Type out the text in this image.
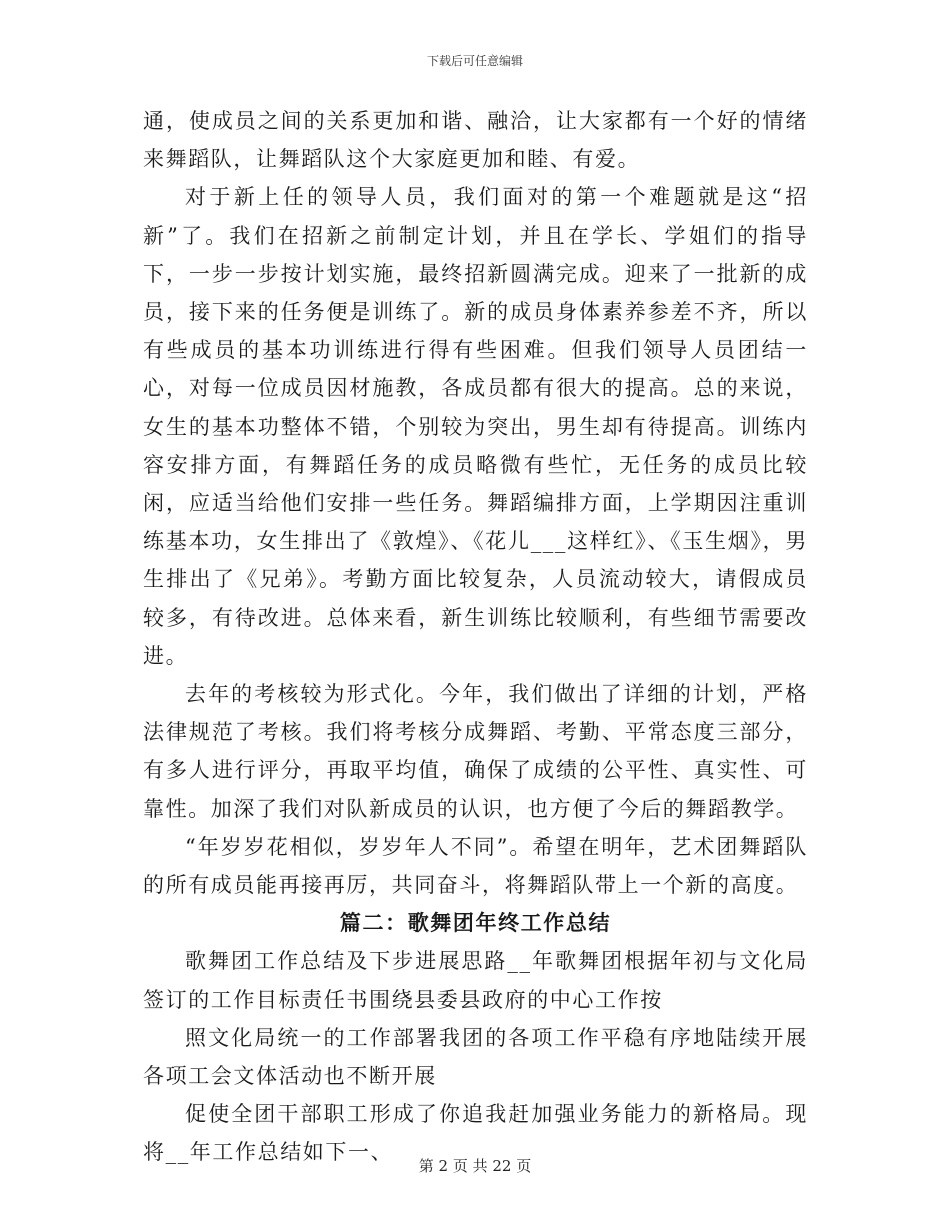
下载后可任意编辑

通，使成员之间的关系更加和谐、融洽，让大家都有一个好的情绪来舞蹈队，让舞蹈队这个大家庭更加和睦、有爱。

对于新上任的领导人员，我们面对的第一个难题就是这“招新”了。我们在招新之前制定计划，并且在学长、学姐们的指导下，一步一步按计划实施，最终招新圆满完成。迎来了一批新的成员，接下来的任务便是训练了。新的成员身体素养参差不齐，所以有些成员的基本功训练进行得有些困难。但我们领导人员团结一心，对每一位成员因材施教，各成员都有很大的提高。总的来说，女生的基本功整体不错，个别较为突出，男生却有待提高。训练内容安排方面，有舞蹈任务的成员略微有些忙，无任务的成员比较闲，应适当给他们安排一些任务。舞蹈编排方面，上学期因注重训练基本功，女生排出了《敦煌》、《花儿___这样红》、《玉生烟》，男生排出了《兄弟》。考勤方面比较复杂，人员流动较大，请假成员较多，有待改进。总体来看，新生训练比较顺利，有些细节需要改进。

去年的考核较为形式化。今年，我们做出了详细的计划，严格法律规范了考核。我们将考核分成舞蹈、考勤、平常态度三部分，有多人进行评分，再取平均值，确保了成绩的公平性、真实性、可靠性。加深了我们对队新成员的认识，也方便了今后的舞蹈教学。

“年岁岁花相似，岁岁年人不同”。希望在明年，艺术团舞蹈队的所有成员能再接再厉，共同奋斗，将舞蹈队带上一个新的高度。

篇二：歌舞团年终工作总结

歌舞团工作总结及下步进展思路__年歌舞团根据年初与文化局签订的工作目标责任书围绕县委县政府的中心工作按

照文化局统一的工作部署我团的各项工作平稳有序地陆续开展各项工会文体活动也不断开展

促使全团干部职工形成了你追我赶加强业务能力的新格局。现将__年工作总结如下一、

第 2 页 共 22 页
